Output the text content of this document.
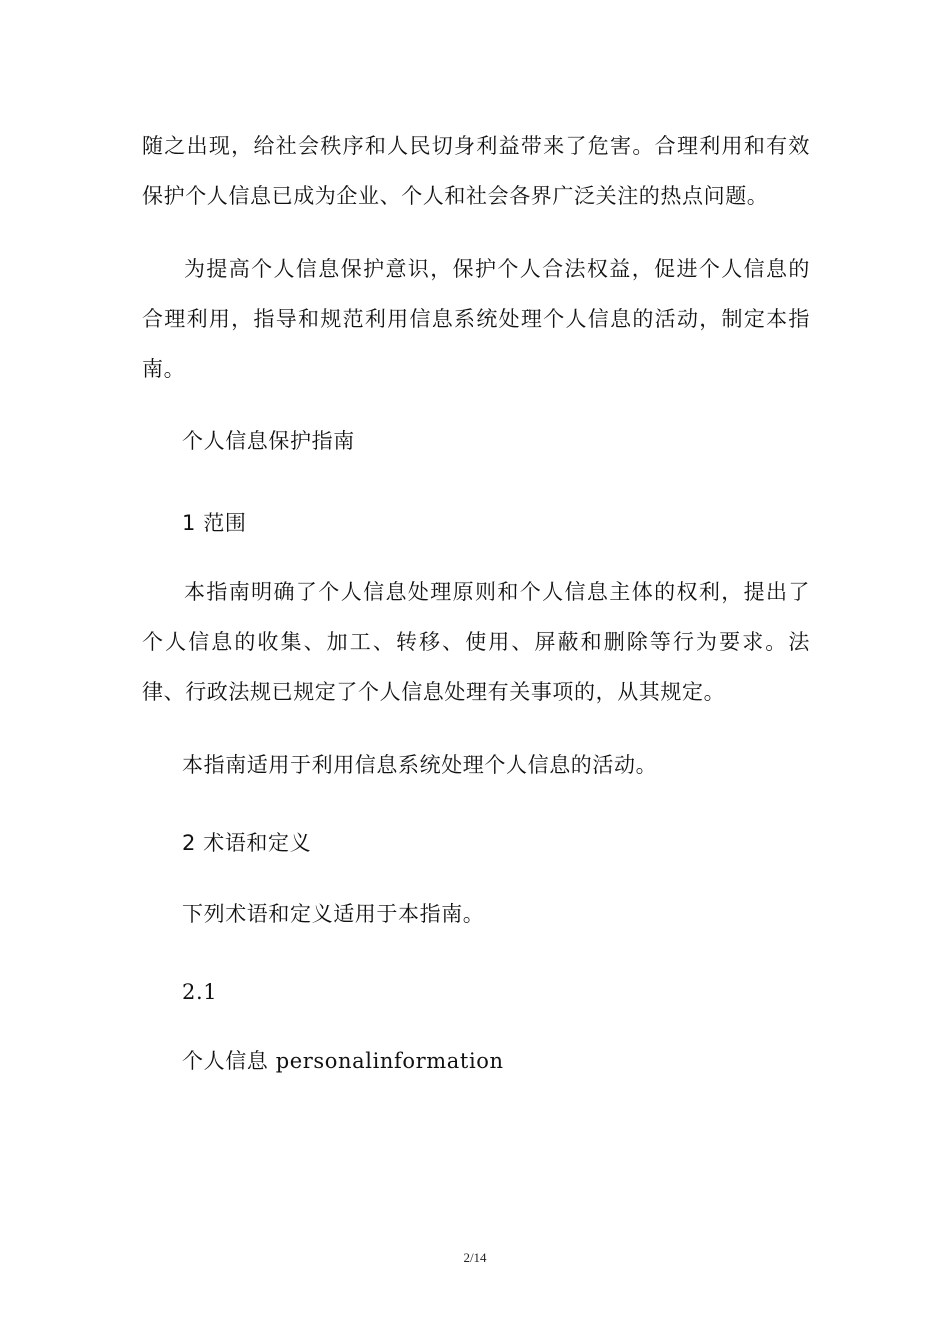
随之出现，给社会秩序和人民切身利益带来了危害。合理利用和有效保护个人信息已成为企业、个人和社会各界广泛关注的热点问题。

为提高个人信息保护意识，保护个人合法权益，促进个人信息的合理利用，指导和规范利用信息系统处理个人信息的活动，制定本指南。

个人信息保护指南

1 范围

本指南明确了个人信息处理原则和个人信息主体的权利，提出了个人信息的收集、加工、转移、使用、屏蔽和删除等行为要求。法律、行政法规已规定了个人信息处理有关事项的，从其规定。

本指南适用于利用信息系统处理个人信息的活动。

2 术语和定义

下列术语和定义适用于本指南。

2.1

个人信息 personalinformation

2/14
